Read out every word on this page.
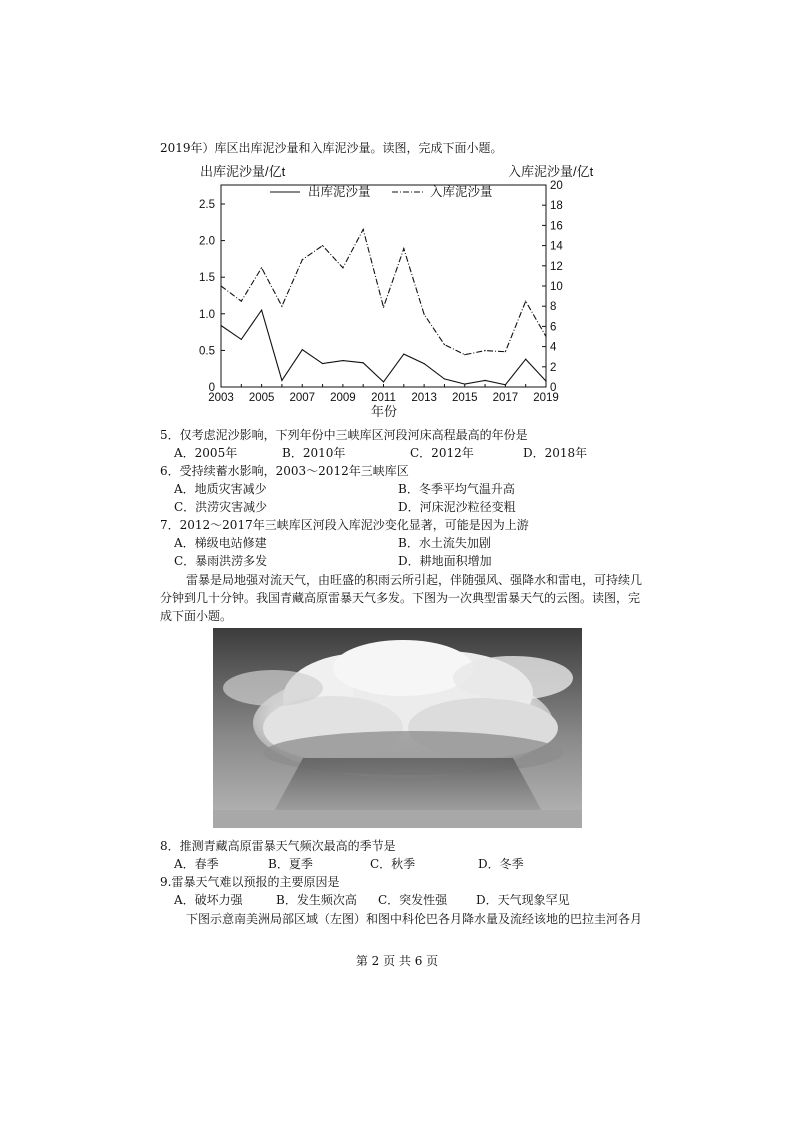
2019年）库区出库泥沙量和入库泥沙量。读图，完成下面小题。
出库泥沙量/亿t	入库泥沙量/亿t
出库泥沙量	入库泥沙量
2.5
2.0
1.5
1.0
0.5
0
20
18
16
14
12
10
8
6
4
2
0
2003 2005 2007 2009 2011 2013 2015 2017 2019
年份
5．仅考虑泥沙影响，下列年份中三峡库区河段河床高程最高的年份是
A．2005年	B．2010年	C．2012年	D．2018年
6．受持续蓄水影响，2003～2012年三峡库区
A．地质灾害减少	B．冬季平均气温升高
C．洪涝灾害减少	D．河床泥沙粒径变粗
7．2012～2017年三峡库区河段入库泥沙变化显著，可能是因为上游
A．梯级电站修建	B．水土流失加剧
C．暴雨洪涝多发	D．耕地面积增加
雷暴是局地强对流天气，由旺盛的积雨云所引起，伴随强风、强降水和雷电，可持续几
分钟到几十分钟。我国青藏高原雷暴天气多发。下图为一次典型雷暴天气的云图。读图，完
成下面小题。
8．推测青藏高原雷暴天气频次最高的季节是
A．春季	B．夏季	C．秋季	D．冬季
9.雷暴天气难以预报的主要原因是
A．破坏力强	B．发生频次高 C．突发性强 D．天气现象罕见
下图示意南美洲局部区域（左图）和图中科伦巴各月降水量及流经该地的巴拉圭河各月
第 2 页 共 6 页
